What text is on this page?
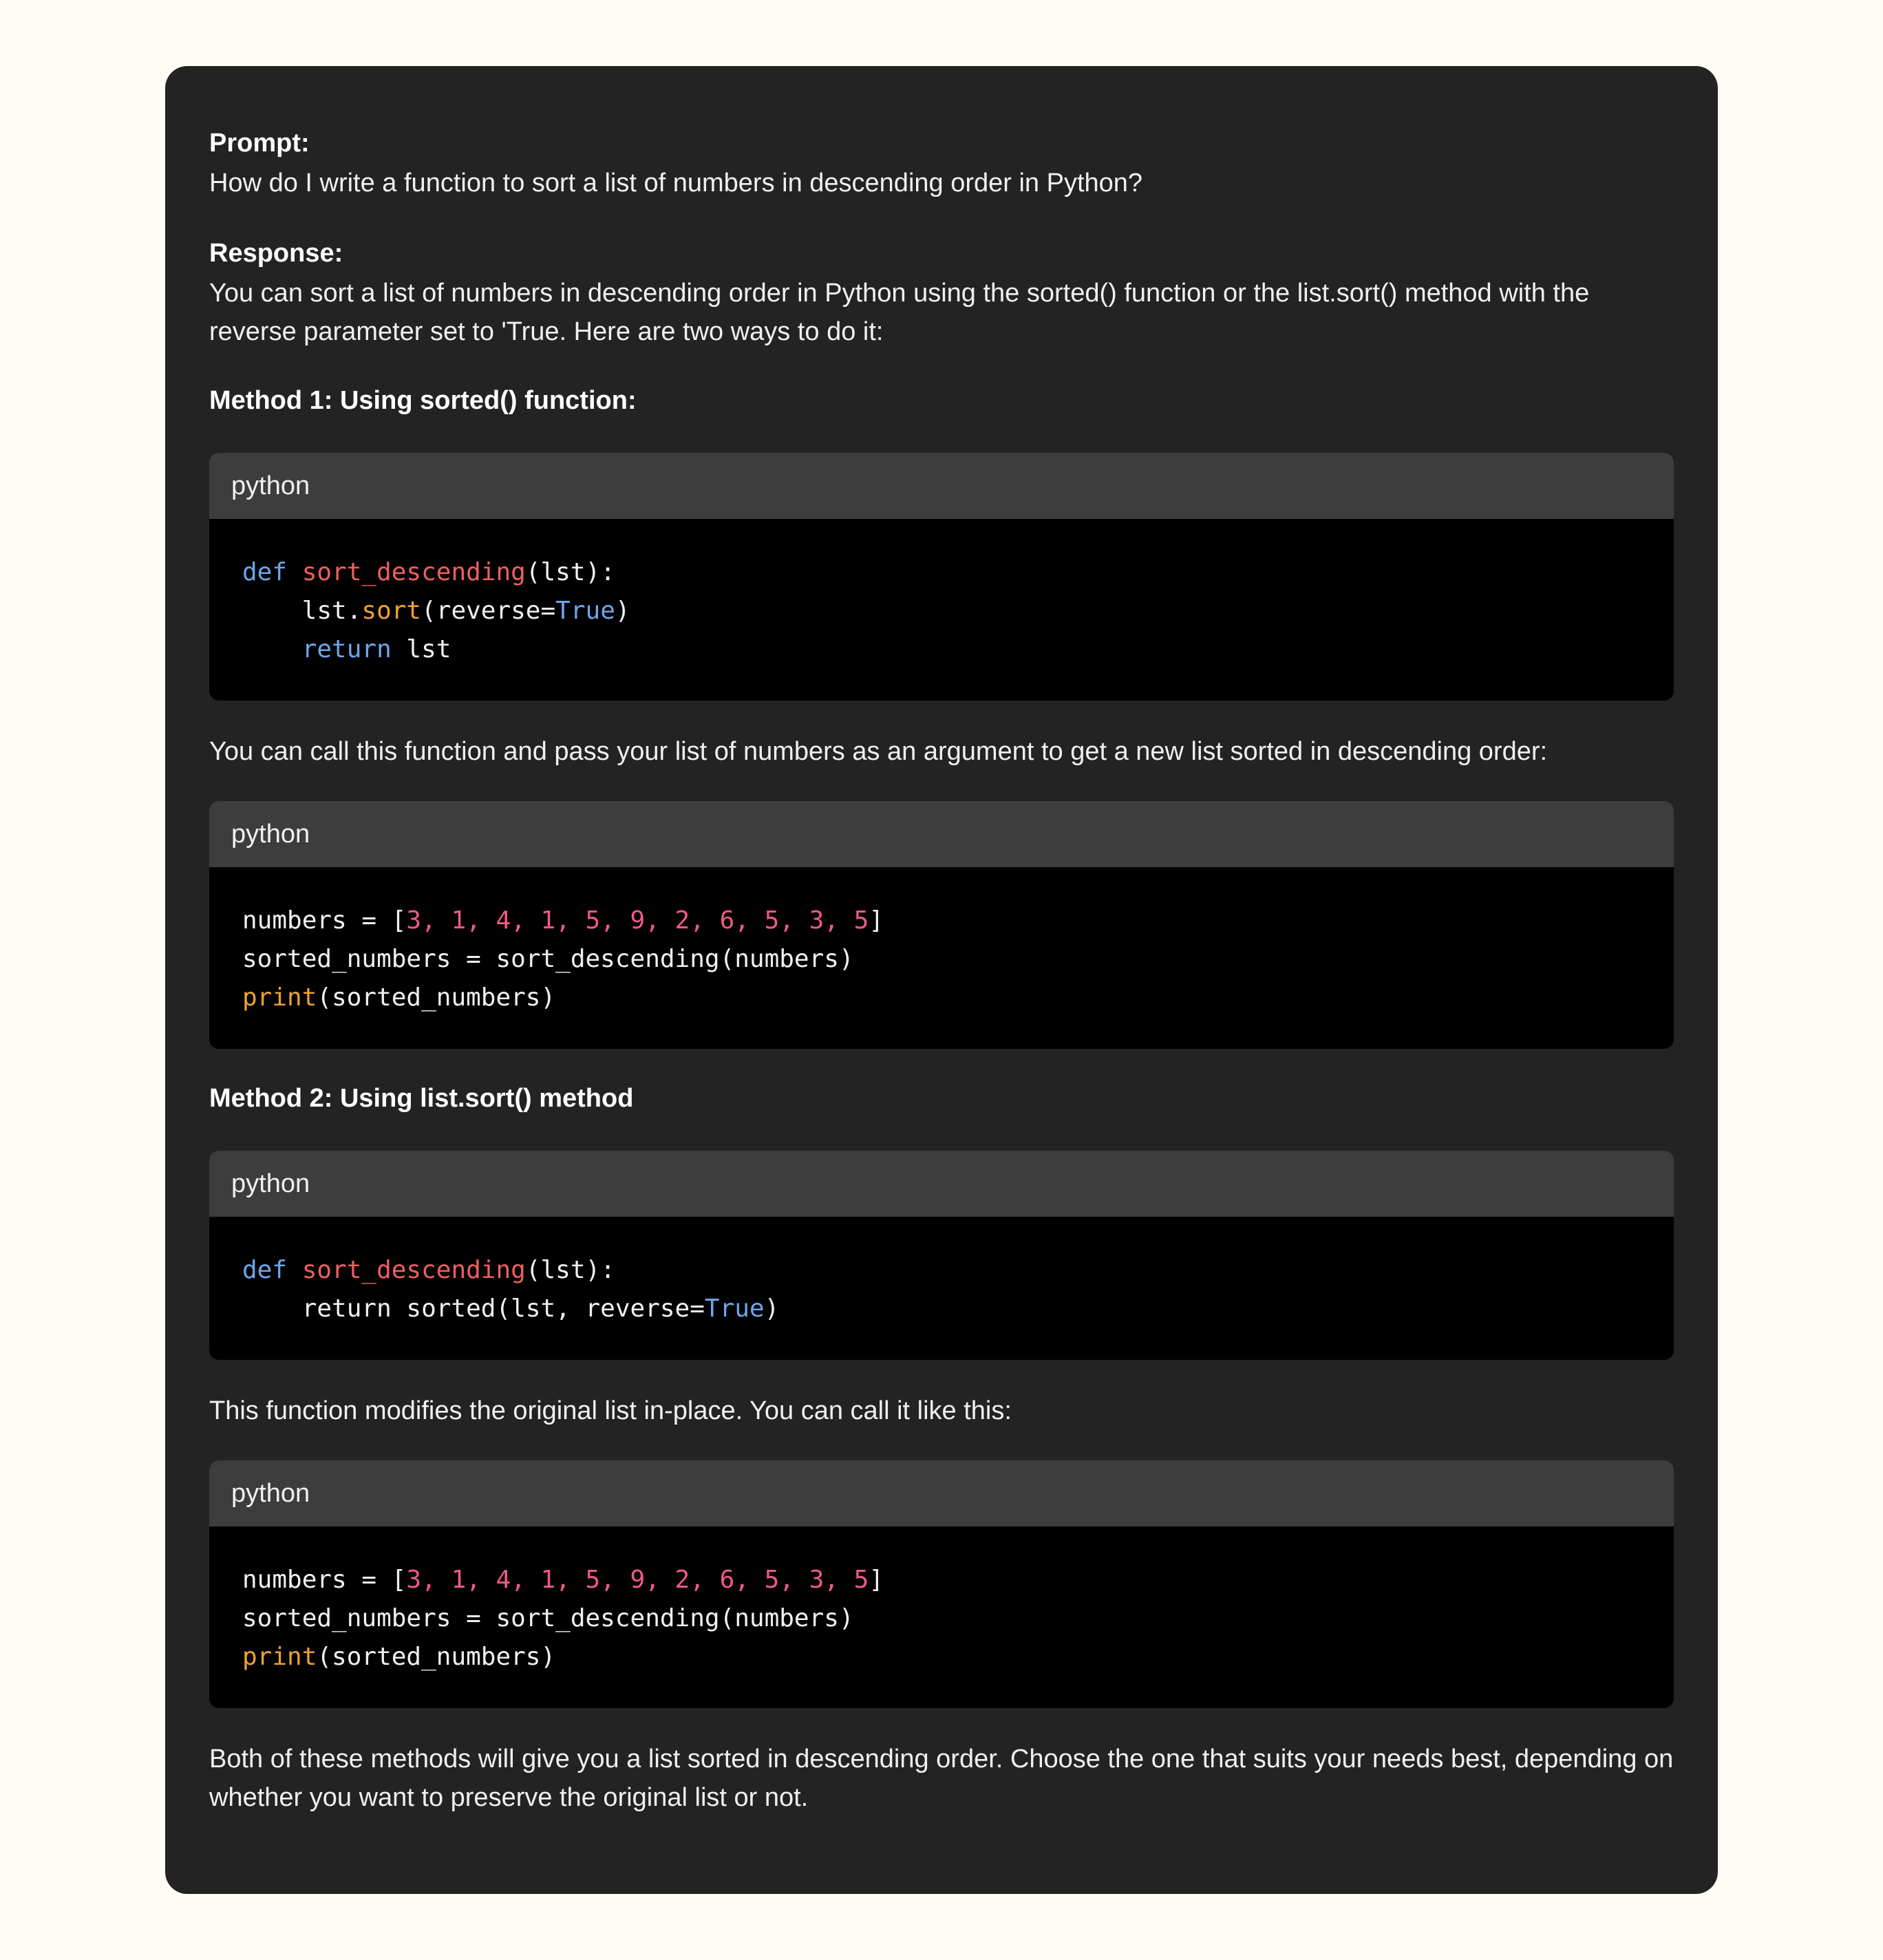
Prompt:

How do I write a function to sort a list of numbers in descending order in Python?

Response:

You can sort a list of numbers in descending order in Python using the sorted() function or the list.sort() method with the reverse parameter set to 'True. Here are two ways to do it:

Method 1: Using sorted() function:

python
def sort_descending(lst):
lst.sort(reverse=True)
return lst

You can call this function and pass your list of numbers as an argument to get a new list sorted in descending order:

python
numbers = [3, 1, 4, 1, 5, 9, 2, 6, 5, 3, 5]
sorted_numbers = sort_descending(numbers)
print(sorted_numbers)

Method 2: Using list.sort() method

python
def sort_descending(lst):
return sorted(lst, reverse=True)

This function modifies the original list in-place. You can call it like this:

python
numbers = [3, 1, 4, 1, 5, 9, 2, 6, 5, 3, 5]
sorted_numbers = sort_descending(numbers)
print(sorted_numbers)

Both of these methods will give you a list sorted in descending order. Choose the one that suits your needs best, depending on whether you want to preserve the original list or not.
